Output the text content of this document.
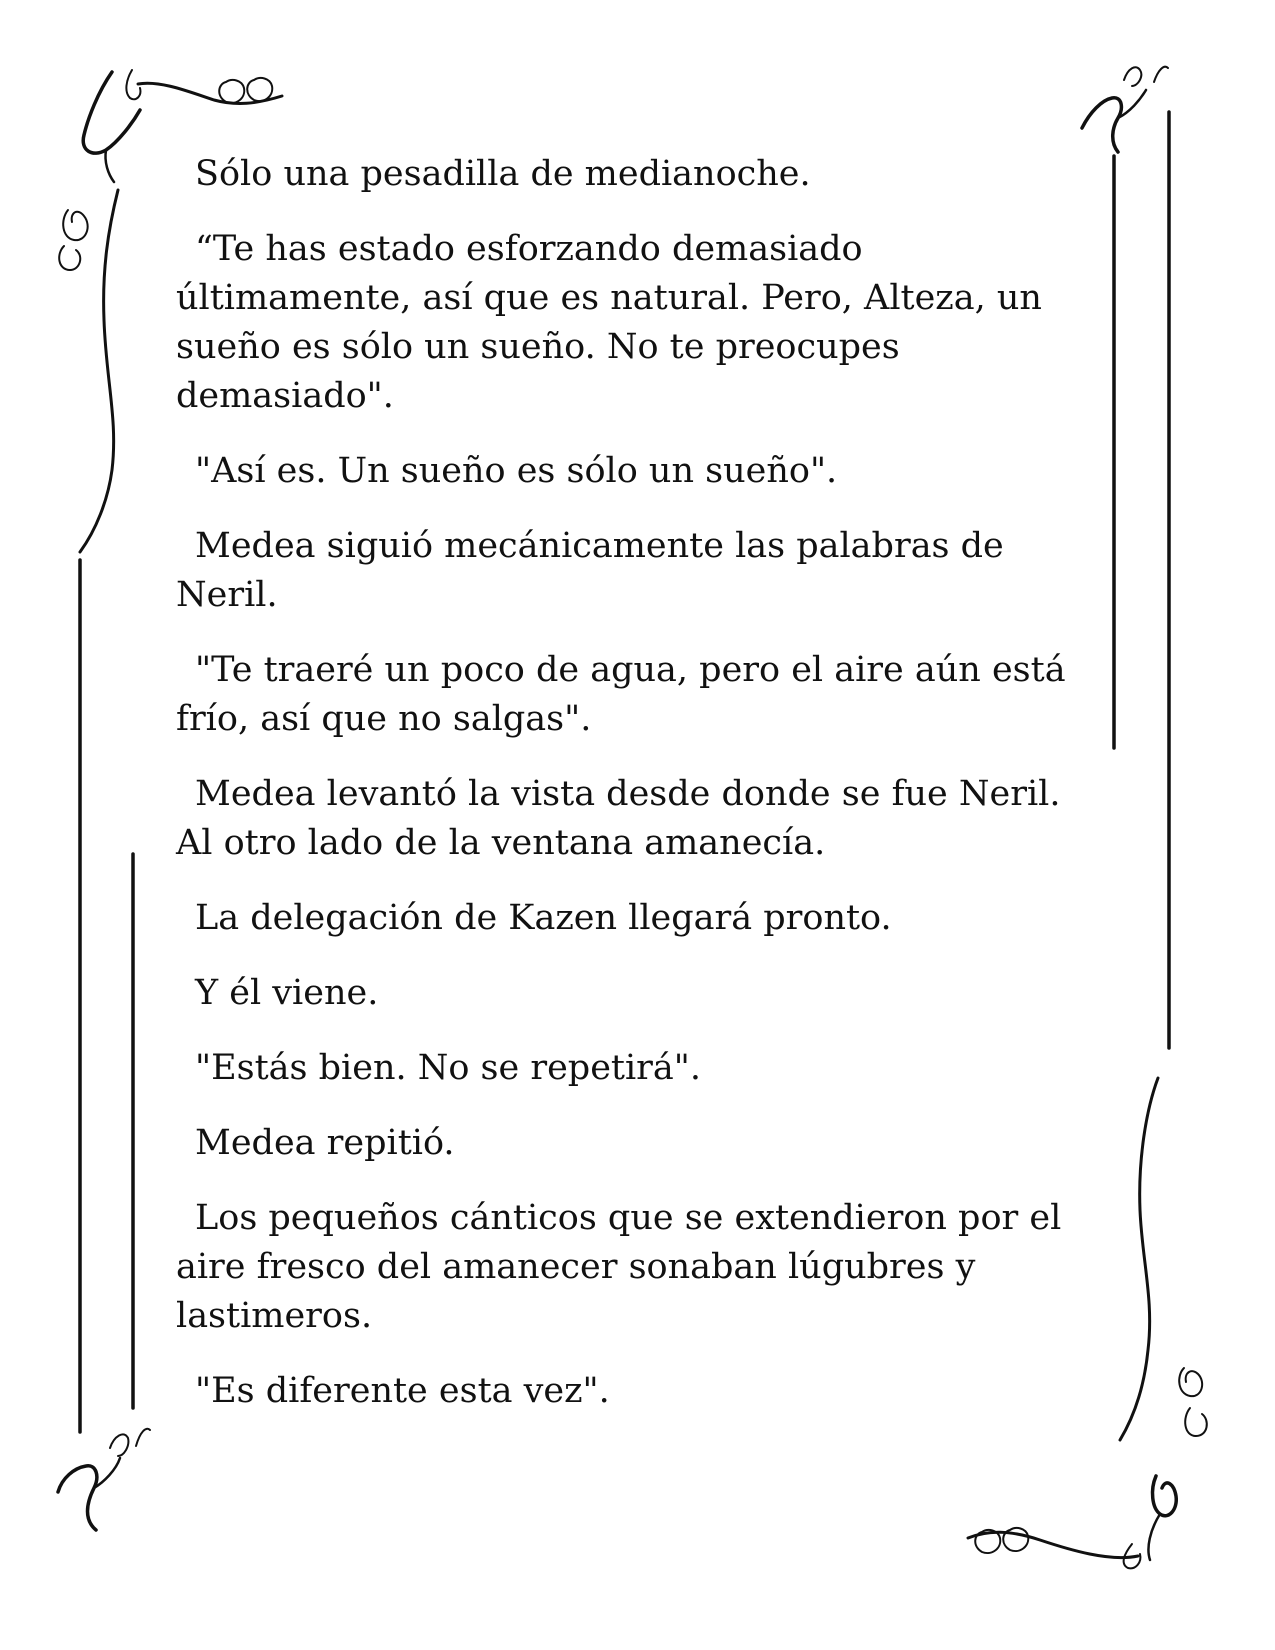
Sólo una pesadilla de medianoche.

“Te has estado esforzando demasiado últimamente, así que es natural. Pero, Alteza, un sueño es sólo un sueño. No te preocupes demasiado".

"Así es. Un sueño es sólo un sueño".

Medea siguió mecánicamente las palabras de Neril.

"Te traeré un poco de agua, pero el aire aún está frío, así que no salgas".

Medea levantó la vista desde donde se fue Neril. Al otro lado de la ventana amanecía.

La delegación de Kazen llegará pronto.

Y él viene.

"Estás bien. No se repetirá".

Medea repitió.

Los pequeños cánticos que se extendieron por el aire fresco del amanecer sonaban lúgubres y lastimeros.

"Es diferente esta vez".
